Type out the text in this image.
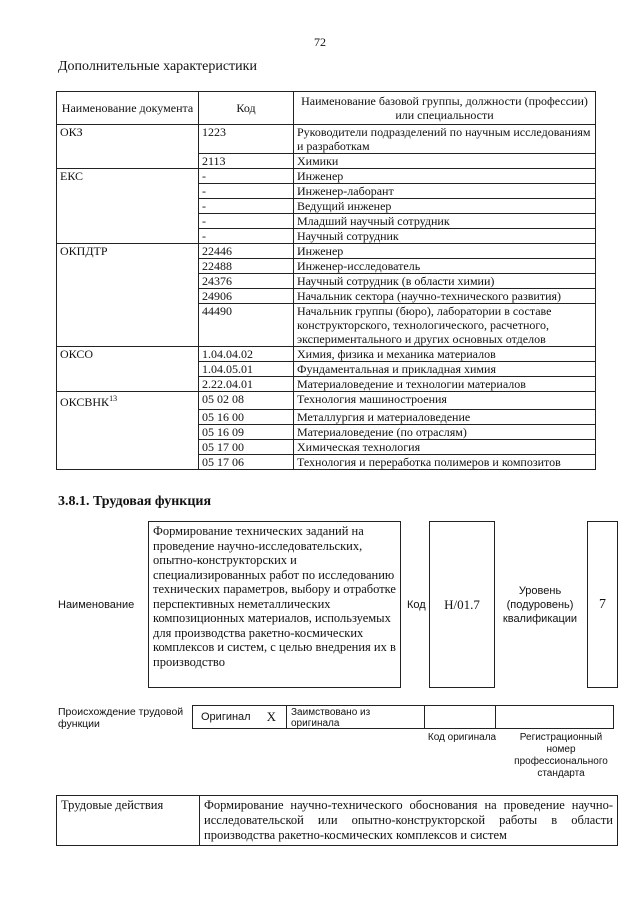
72
Дополнительные характеристики
Наименование документа	Код	Наименование базовой группы, должности (профессии) или специальности
ОКЗ	1223	Руководители подразделений по научным исследованиям и разработкам
	2113	Химики
ЕКС	-	Инженер
	-	Инженер-лаборант
	-	Ведущий инженер
	-	Младший научный сотрудник
	-	Научный сотрудник
ОКПДТР	22446	Инженер
	22488	Инженер-исследователь
	24376	Научный сотрудник (в области химии)
	24906	Начальник сектора (научно-технического развития)
	44490	Начальник группы (бюро), лаборатории в составе конструкторского, технологического, расчетного, экспериментального и других основных отделов
ОКСО	1.04.04.02	Химия, физика и механика материалов
	1.04.05.01	Фундаментальная и прикладная химия
	2.22.04.01	Материаловедение и технологии материалов
ОКСВНК$^{13}$	05 02 08	Технология машиностроения
	05 16 00	Металлургия и материаловедение
	05 16 09	Материаловедение (по отраслям)
	05 17 00	Химическая технология
	05 17 06	Технология и переработка полимеров и композитов
3.8.1. Трудовая функция
Наименование
Формирование технических заданий на проведение научно-исследовательских, опытно-конструкторских и специализированных работ по исследованию технических параметров, выбору и отработке перспективных неметаллических композиционных материалов, используемых для производства ракетно-космических комплексов и систем, с целью внедрения их в производство
Код	Н/01.7
Уровень (подуровень) квалификации
7
Происхождение трудовой функции
Оригинал X	Заимствовано из оригинала
Код оригинала	Регистрационный номер профессионального стандарта
Трудовые действия	Формирование научно-технического обоснования на проведение научно-исследовательской или опытно-конструкторской работы в области производства ракетно-космических комплексов и систем
